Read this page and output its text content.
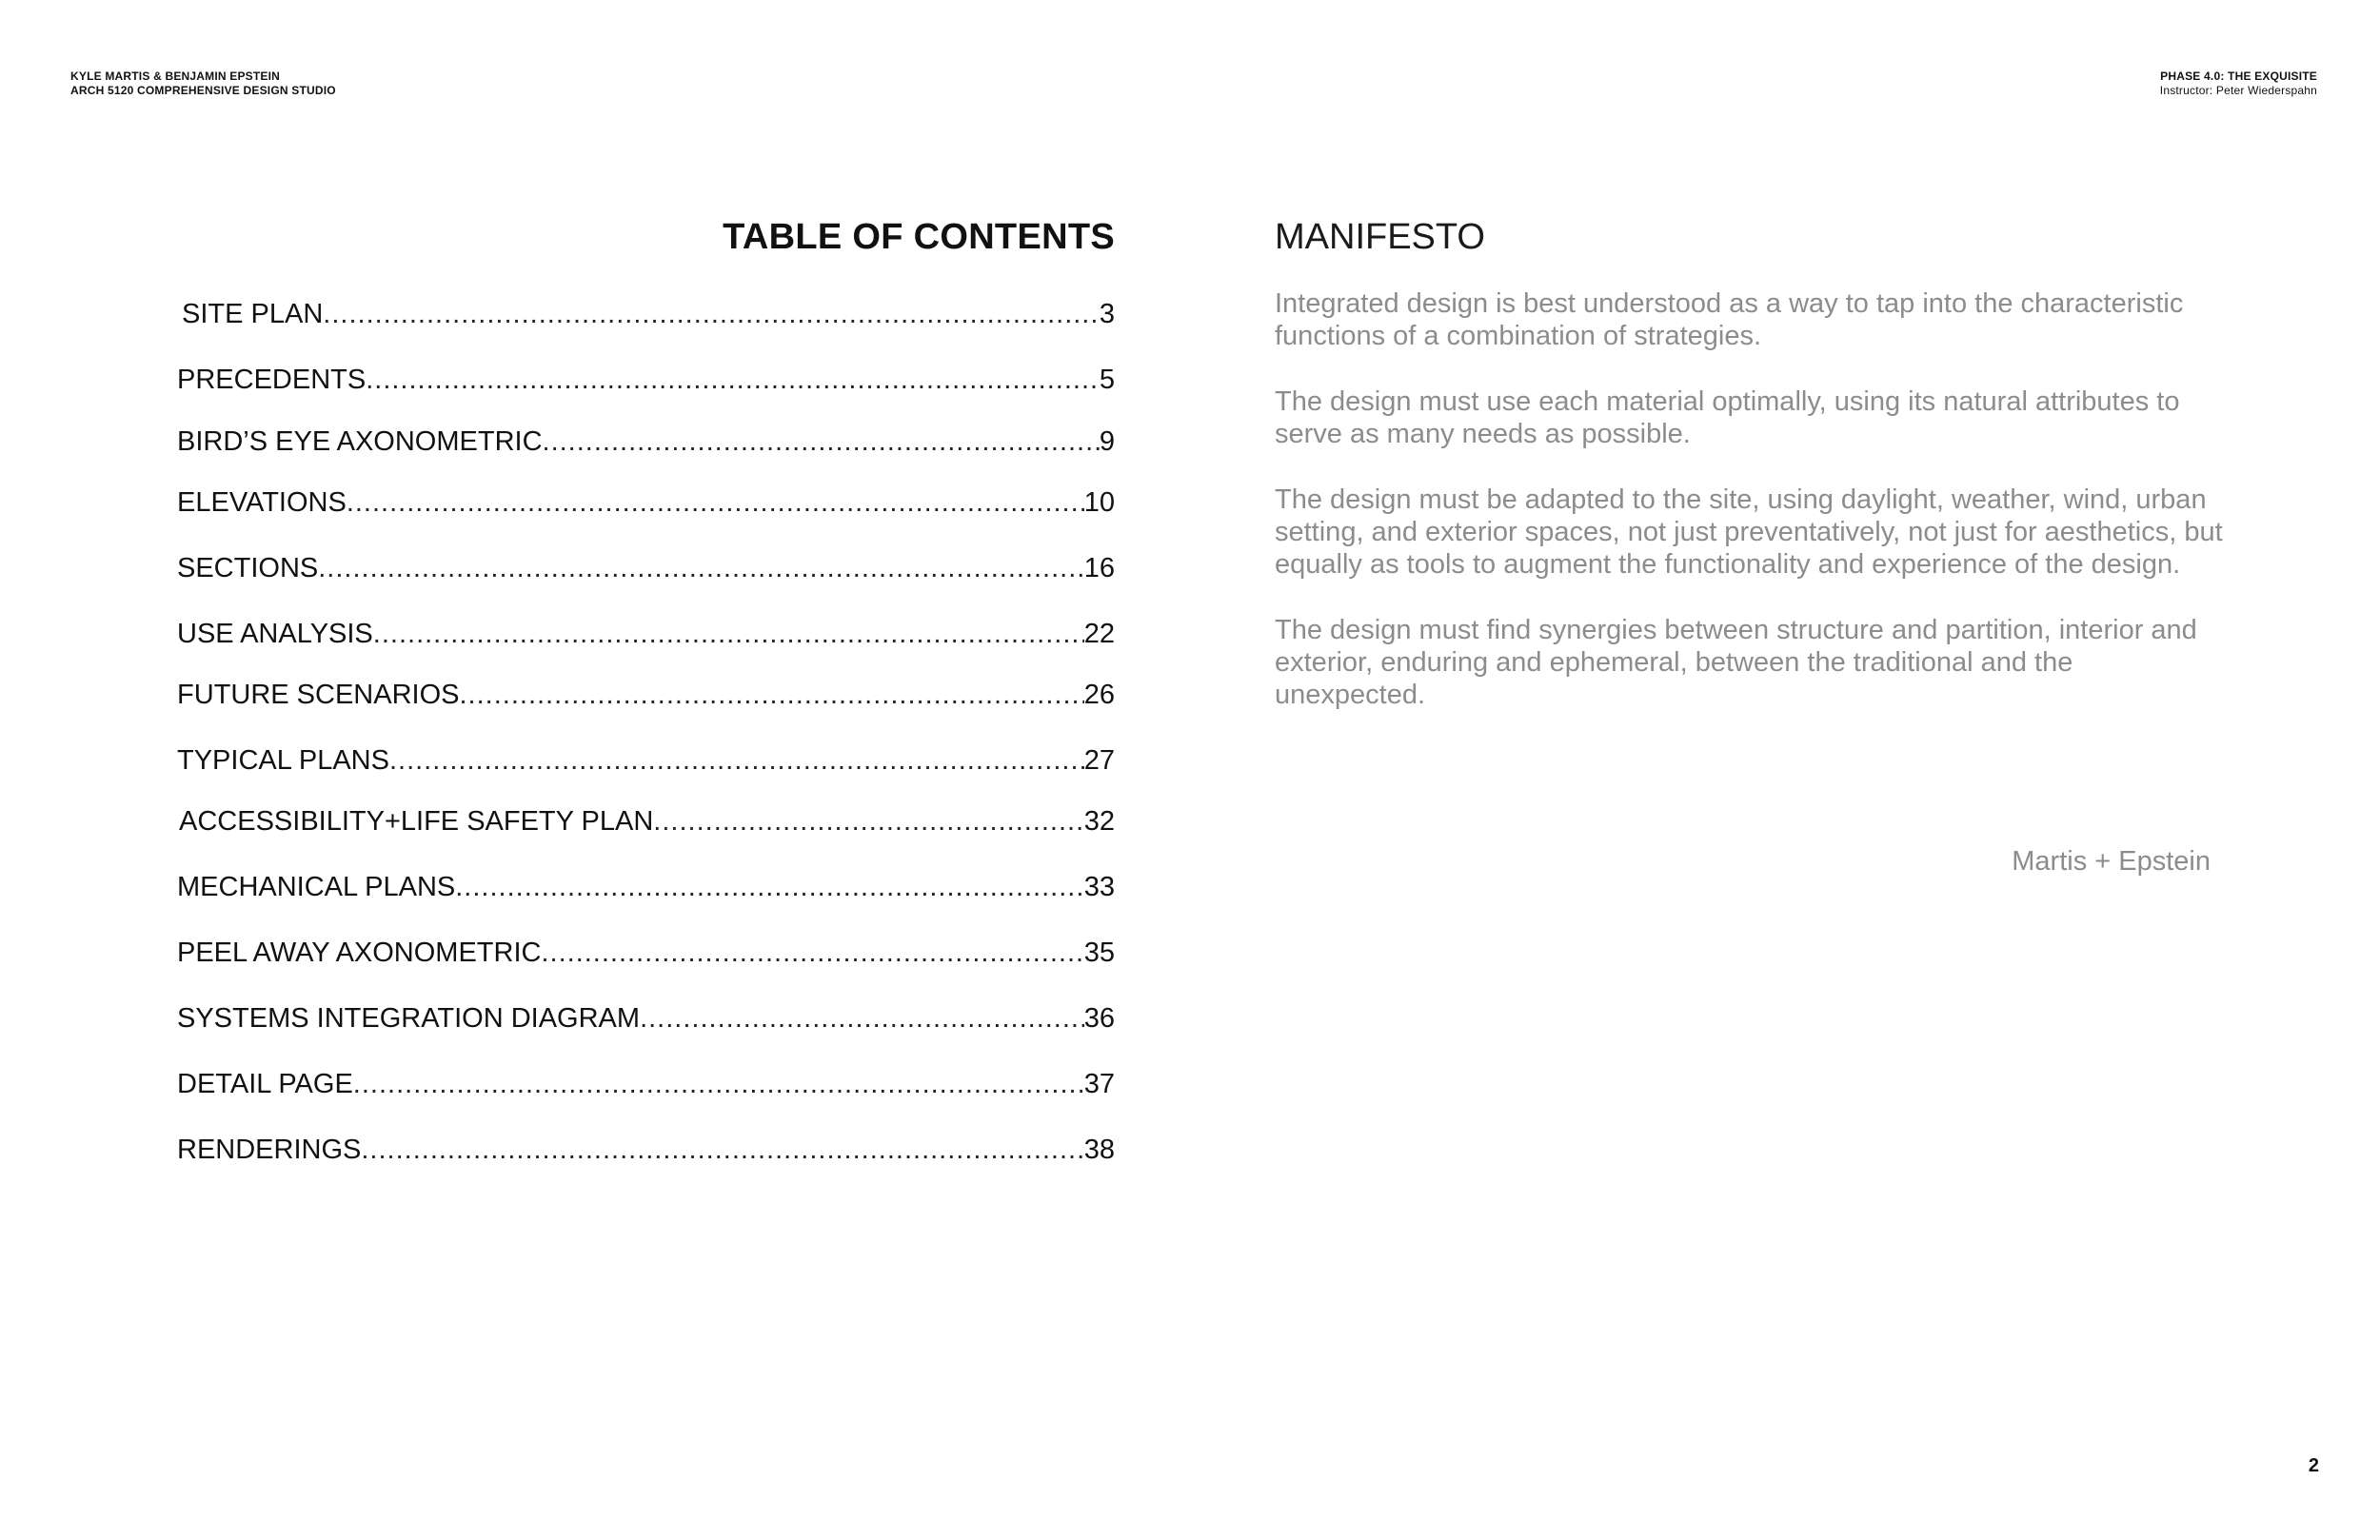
KYLE MARTIS & BENJAMIN EPSTEIN
ARCH 5120 COMPREHENSIVE DESIGN STUDIO
PHASE 4.0: THE EXQUISITE
Instructor: Peter Wiederspahn
TABLE OF CONTENTS
SITE PLAN .....	3
PRECEDENTS .....	5
BIRD’S EYE AXONOMETRIC .....	9
ELEVATIONS .....	10
SECTIONS .....	16
USE ANALYSIS .....	22
FUTURE SCENARIOS .....	26
TYPICAL PLANS .....	27
ACCESSIBILITY+LIFE SAFETY PLAN .....	32
MECHANICAL PLANS .....	33
PEEL AWAY AXONOMETRIC .....	35
SYSTEMS INTEGRATION DIAGRAM .....	36
DETAIL PAGE .....	37
RENDERINGS .....	38
MANIFESTO

Integrated design is best understood as a way to tap into the characteristic functions of a combination of strategies.

The design must use each material optimally, using its natural attributes to serve as many needs as possible.

The design must be adapted to the site, using daylight, weather, wind, urban setting, and exterior spaces, not just preventatively, not just for aesthetics, but equally as tools to augment the functionality and experience of the design.

The design must find synergies between structure and partition, interior and exterior, enduring and ephemeral, between the traditional and the unexpected.

Martis + Epstein
2
